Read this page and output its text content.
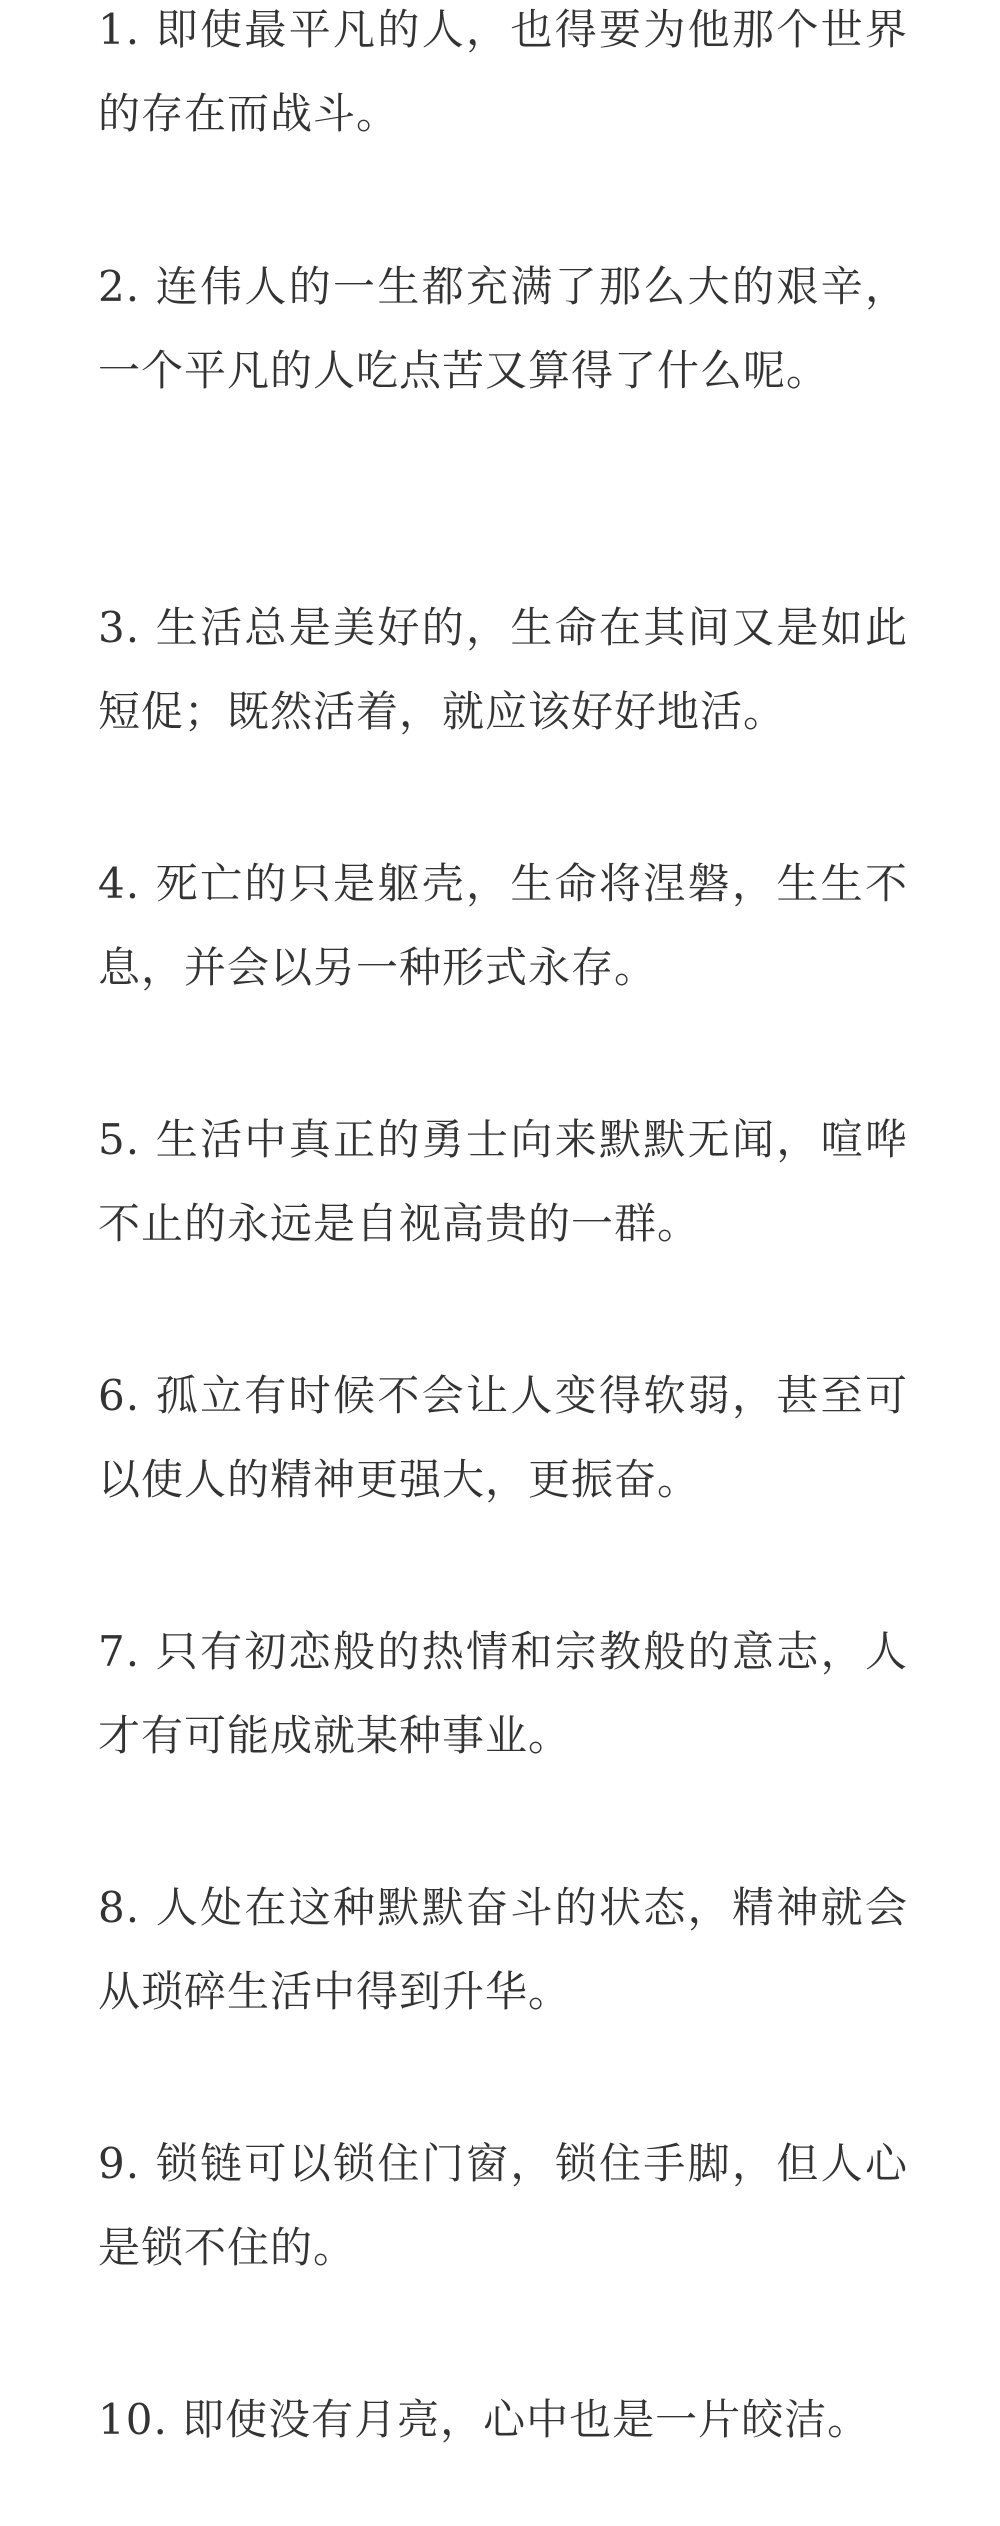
1. 即使最平凡的人，也得要为他那个世界的存在而战斗。

2. 连伟人的一生都充满了那么大的艰辛，一个平凡的人吃点苦又算得了什么呢。

3. 生活总是美好的，生命在其间又是如此短促；既然活着，就应该好好地活。

4. 死亡的只是躯壳，生命将涅磐，生生不息，并会以另一种形式永存。

5. 生活中真正的勇士向来默默无闻，喧哗不止的永远是自视高贵的一群。

6. 孤立有时候不会让人变得软弱，甚至可以使人的精神更强大，更振奋。

7. 只有初恋般的热情和宗教般的意志，人才有可能成就某种事业。

8. 人处在这种默默奋斗的状态，精神就会从琐碎生活中得到升华。

9. 锁链可以锁住门窗，锁住手脚，但人心是锁不住的。

10. 即使没有月亮，心中也是一片皎洁。
